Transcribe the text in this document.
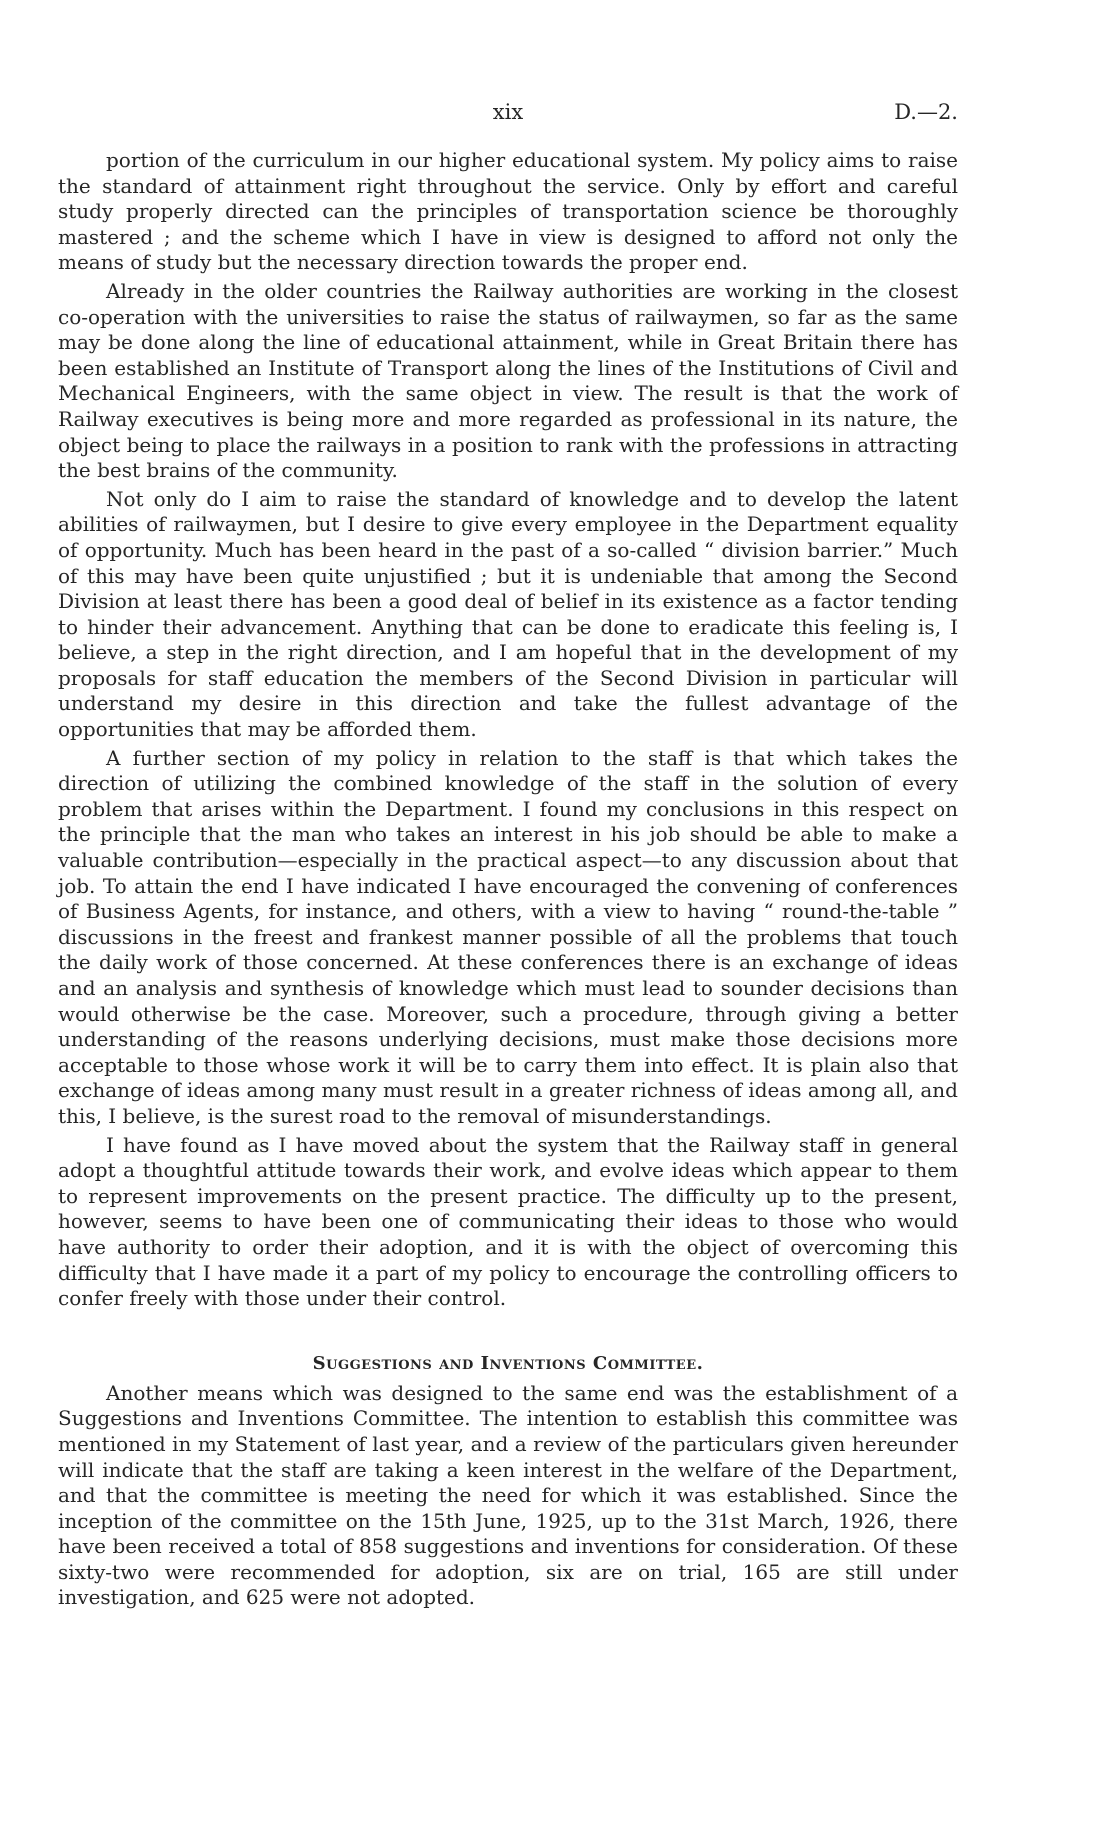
xix	D.—2.

portion of the curriculum in our higher educational system. My policy aims to raise the standard of attainment right throughout the service. Only by effort and careful study properly directed can the principles of transportation science be thoroughly mastered ; and the scheme which I have in view is designed to afford not only the means of study but the necessary direction towards the proper end.

Already in the older countries the Railway authorities are working in the closest co-operation with the universities to raise the status of railwaymen, so far as the same may be done along the line of educational attainment, while in Great Britain there has been established an Institute of Transport along the lines of the Institutions of Civil and Mechanical Engineers, with the same object in view. The result is that the work of Railway executives is being more and more regarded as professional in its nature, the object being to place the railways in a position to rank with the professions in attracting the best brains of the community.

Not only do I aim to raise the standard of knowledge and to develop the latent abilities of railwaymen, but I desire to give every employee in the Department equality of opportunity. Much has been heard in the past of a so-called “ division barrier.” Much of this may have been quite unjustified ; but it is undeniable that among the Second Division at least there has been a good deal of belief in its existence as a factor tending to hinder their advancement. Anything that can be done to eradicate this feeling is, I believe, a step in the right direction, and I am hopeful that in the development of my proposals for staff education the members of the Second Division in particular will understand my desire in this direction and take the fullest advantage of the opportunities that may be afforded them.

A further section of my policy in relation to the staff is that which takes the direction of utilizing the combined knowledge of the staff in the solution of every problem that arises within the Department. I found my conclusions in this respect on the principle that the man who takes an interest in his job should be able to make a valuable contribution—especially in the practical aspect—to any discussion about that job. To attain the end I have indicated I have encouraged the convening of conferences of Business Agents, for instance, and others, with a view to having “ round-the-table ” discussions in the freest and frankest manner possible of all the problems that touch the daily work of those concerned. At these conferences there is an exchange of ideas and an analysis and synthesis of knowledge which must lead to sounder decisions than would otherwise be the case. Moreover, such a procedure, through giving a better understanding of the reasons underlying decisions, must make those decisions more acceptable to those whose work it will be to carry them into effect. It is plain also that exchange of ideas among many must result in a greater richness of ideas among all, and this, I believe, is the surest road to the removal of misunderstandings.

I have found as I have moved about the system that the Railway staff in general adopt a thoughtful attitude towards their work, and evolve ideas which appear to them to represent improvements on the present practice. The difficulty up to the present, however, seems to have been one of communicating their ideas to those who would have authority to order their adoption, and it is with the object of overcoming this difficulty that I have made it a part of my policy to encourage the controlling officers to confer freely with those under their control.

Suggestions and Inventions Committee.

Another means which was designed to the same end was the establishment of a Suggestions and Inventions Committee. The intention to establish this committee was mentioned in my Statement of last year, and a review of the particulars given hereunder will indicate that the staff are taking a keen interest in the welfare of the Department, and that the committee is meeting the need for which it was established. Since the inception of the committee on the 15th June, 1925, up to the 31st March, 1926, there have been received a total of 858 suggestions and inventions for consideration. Of these sixty-two were recommended for adoption, six are on trial, 165 are still under investigation, and 625 were not adopted.
